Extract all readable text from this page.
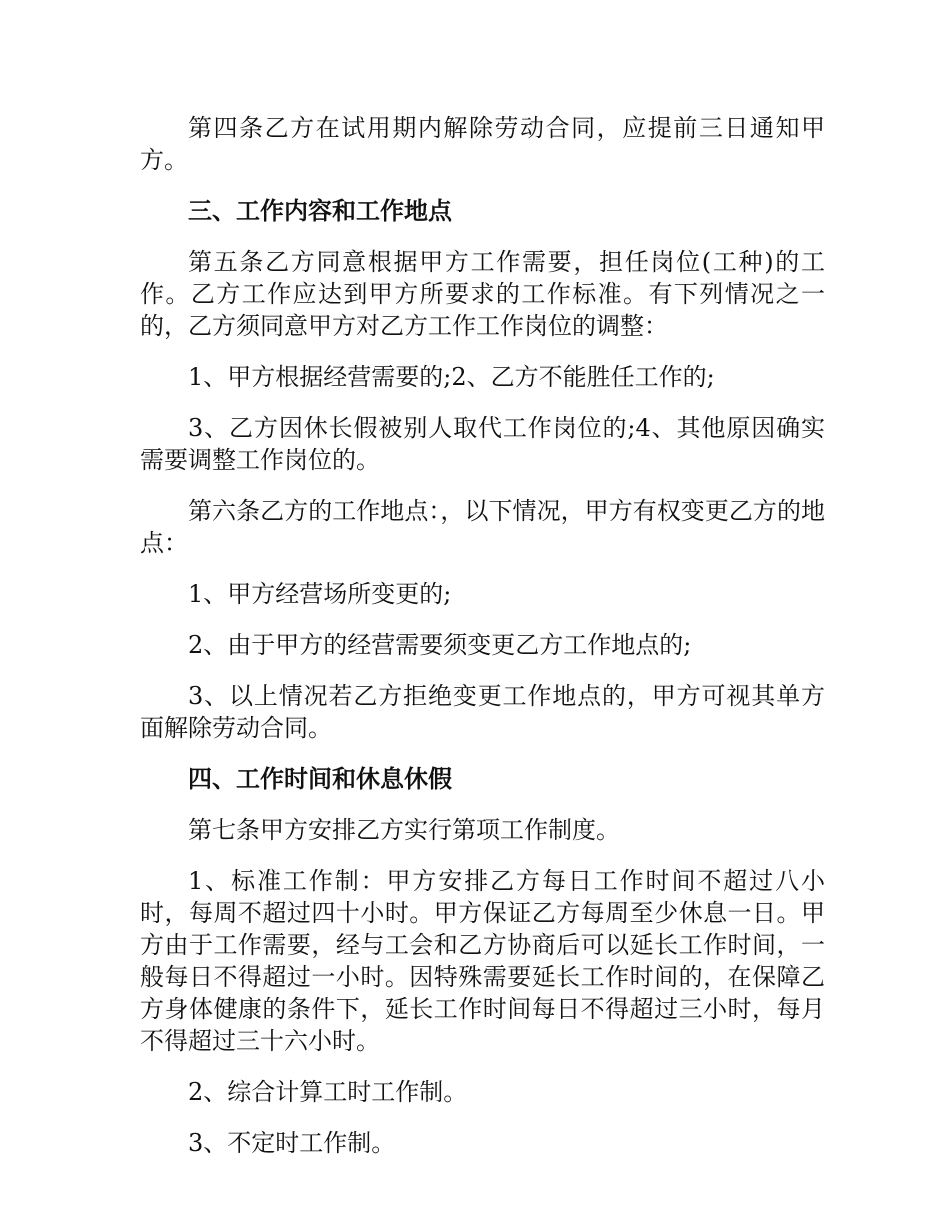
第四条乙方在试用期内解除劳动合同，应提前三日通知甲方。

三、工作内容和工作地点

第五条乙方同意根据甲方工作需要，担任岗位(工种)的工作。乙方工作应达到甲方所要求的工作标准。有下列情况之一的，乙方须同意甲方对乙方工作工作岗位的调整：

1、甲方根据经营需要的;2、乙方不能胜任工作的;

3、乙方因休长假被别人取代工作岗位的;4、其他原因确实需要调整工作岗位的。

第六条乙方的工作地点：，以下情况，甲方有权变更乙方的地点：

1、甲方经营场所变更的;

2、由于甲方的经营需要须变更乙方工作地点的;

3、以上情况若乙方拒绝变更工作地点的，甲方可视其单方面解除劳动合同。

四、工作时间和休息休假

第七条甲方安排乙方实行第项工作制度。

1、标准工作制：甲方安排乙方每日工作时间不超过八小时，每周不超过四十小时。甲方保证乙方每周至少休息一日。甲方由于工作需要，经与工会和乙方协商后可以延长工作时间，一般每日不得超过一小时。因特殊需要延长工作时间的，在保障乙方身体健康的条件下，延长工作时间每日不得超过三小时，每月不得超过三十六小时。

2、综合计算工时工作制。

3、不定时工作制。
